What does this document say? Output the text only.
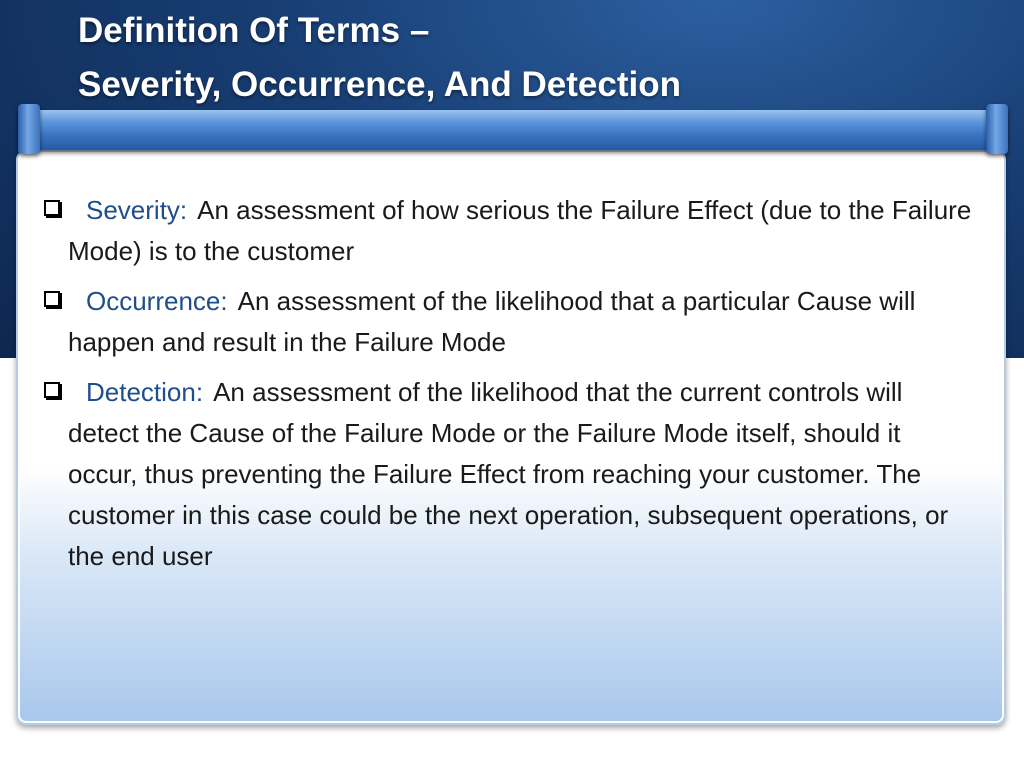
Definition Of Terms –
Severity, Occurrence, And Detection
Severity: An assessment of how serious the Failure Effect (due to the Failure Mode) is to the customer
Occurrence: An assessment of the likelihood that a particular Cause will happen and result in the Failure Mode
Detection: An assessment of the likelihood that the current controls will detect the Cause of the Failure Mode or the Failure Mode itself, should it occur, thus preventing the Failure Effect from reaching your customer. The customer in this case could be the next operation, subsequent operations, or the end user
